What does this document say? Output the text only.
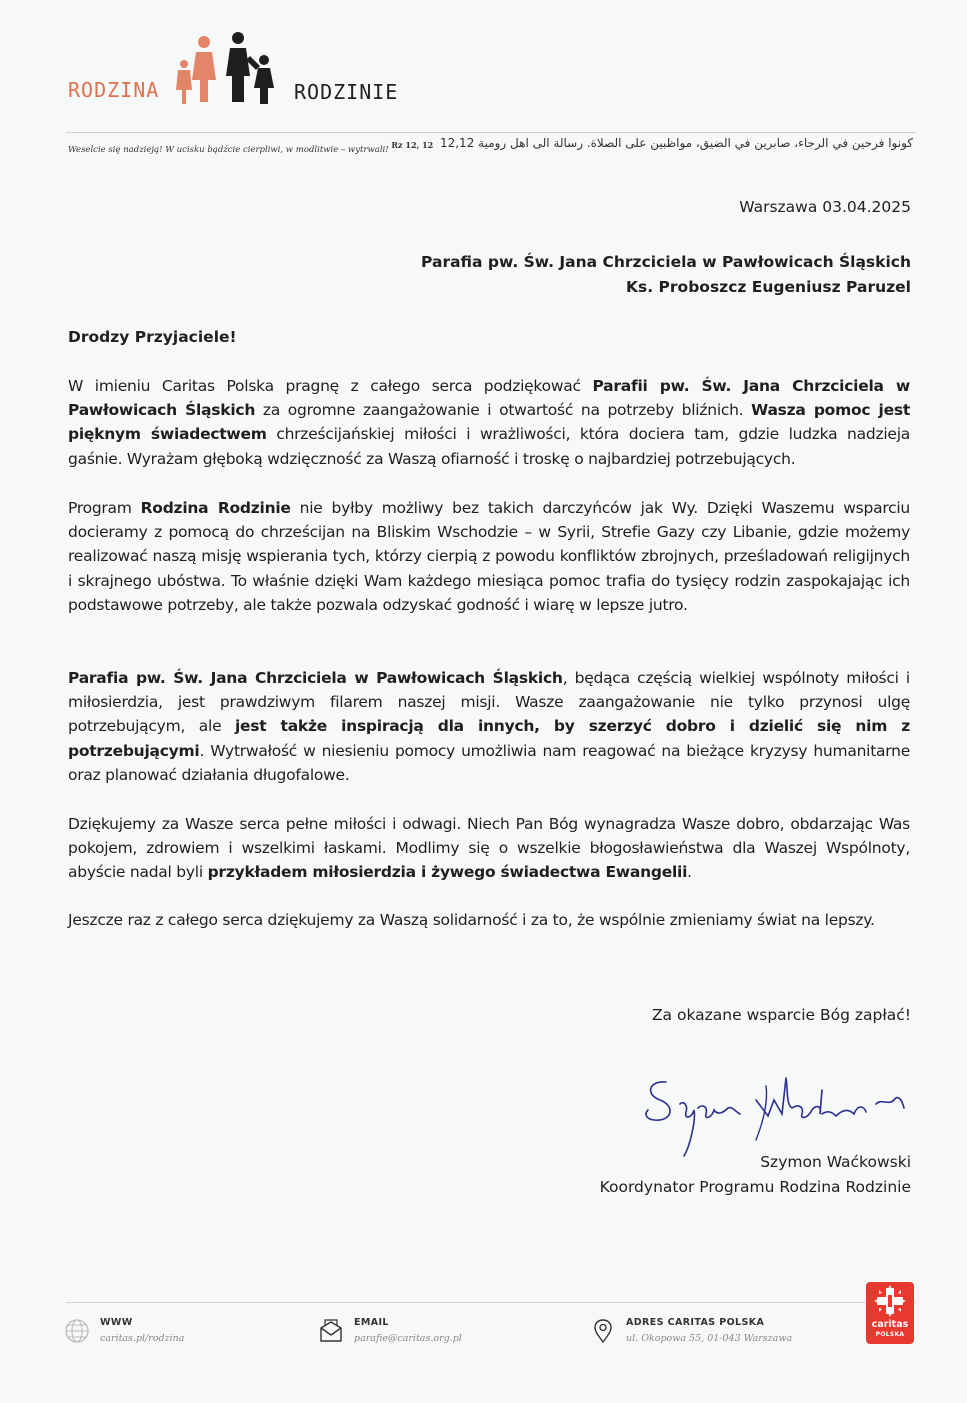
RODZINA	RODZINIE
Weselcie się nadzieją! W ucisku bądźcie cierpliwi, w modlitwie – wytrwali! $^{Rz 12, 12}$ كونوا فرحين في الرجاء، صابرين في الضيق، مواظبين على الصلاة. رسالة الى اهل رومية 12,12
Warszawa 03.04.2025
Parafia pw. Św. Jana Chrzciciela w Pawłowicach Śląskich
Ks. Proboszcz Eugeniusz Paruzel
Drodzy Przyjaciele!
W imieniu Caritas Polska pragnę z całego serca podziękować Parafii pw. Św. Jana Chrzciciela w Pawłowicach Śląskich za ogromne zaangażowanie i otwartość na potrzeby bliźnich. Wasza pomoc jest pięknym świadectwem chrześcijańskiej miłości i wrażliwości, która dociera tam, gdzie ludzka nadzieja gaśnie. Wyrażam głęboką wdzięczność za Waszą ofiarność i troskę o najbardziej potrzebujących.
Program Rodzina Rodzinie nie byłby możliwy bez takich darczyńców jak Wy. Dzięki Waszemu wsparciu docieramy z pomocą do chrześcijan na Bliskim Wschodzie – w Syrii, Strefie Gazy czy Libanie, gdzie możemy realizować naszą misję wspierania tych, którzy cierpią z powodu konfliktów zbrojnych, prześladowań religijnych i skrajnego ubóstwa. To właśnie dzięki Wam każdego miesiąca pomoc trafia do tysięcy rodzin zaspokajając ich podstawowe potrzeby, ale także pozwala odzyskać godność i wiarę w lepsze jutro.
Parafia pw. Św. Jana Chrzciciela w Pawłowicach Śląskich, będąca częścią wielkiej wspólnoty miłości i miłosierdzia, jest prawdziwym filarem naszej misji. Wasze zaangażowanie nie tylko przynosi ulgę potrzebującym, ale jest także inspiracją dla innych, by szerzyć dobro i dzielić się nim z potrzebującymi. Wytrwałość w niesieniu pomocy umożliwia nam reagować na bieżące kryzysy humanitarne oraz planować działania długofalowe.
Dziękujemy za Wasze serca pełne miłości i odwagi. Niech Pan Bóg wynagradza Wasze dobro, obdarzając Was pokojem, zdrowiem i wszelkimi łaskami. Modlimy się o wszelkie błogosławieństwa dla Waszej Wspólnoty, abyście nadal byli przykładem miłosierdzia i żywego świadectwa Ewangelii.
Jeszcze raz z całego serca dziękujemy za Waszą solidarność i za to, że wspólnie zmieniamy świat na lepszy.
Za okazane wsparcie Bóg zapłać!
Szymon Waćkowski
Koordynator Programu Rodzina Rodzinie
WWW
caritas.pl/rodzina
EMAIL
parafie@caritas.org.pl
ADRES CARITAS POLSKA
ul. Okopowa 55, 01-043 Warszawa
caritas
POLSKA
